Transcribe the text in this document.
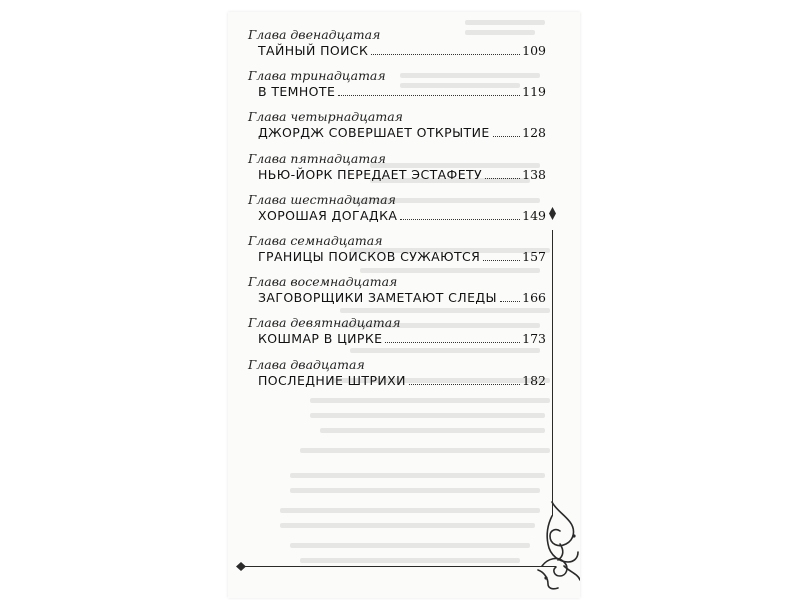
Глава двенадцатая
ТАЙНЫЙ ПОИСК	109
Глава тринадцатая
В ТЕМНОТЕ	119
Глава четырнадцатая
ДЖОРДЖ СОВЕРШАЕТ ОТКРЫТИЕ	128
Глава пятнадцатая
НЬЮ-ЙОРК ПЕРЕДАЕТ ЭСТАФЕТУ	138
Глава шестнадцатая
ХОРОШАЯ ДОГАДКА	149
Глава семнадцатая
ГРАНИЦЫ ПОИСКОВ СУЖАЮТСЯ	157
Глава восемнадцатая
ЗАГОВОРЩИКИ ЗАМЕТАЮТ СЛЕДЫ 166
Глава девятнадцатая
КОШМАР В ЦИРКЕ	173
Глава двадцатая
ПОСЛЕДНИЕ ШТРИХИ	182
